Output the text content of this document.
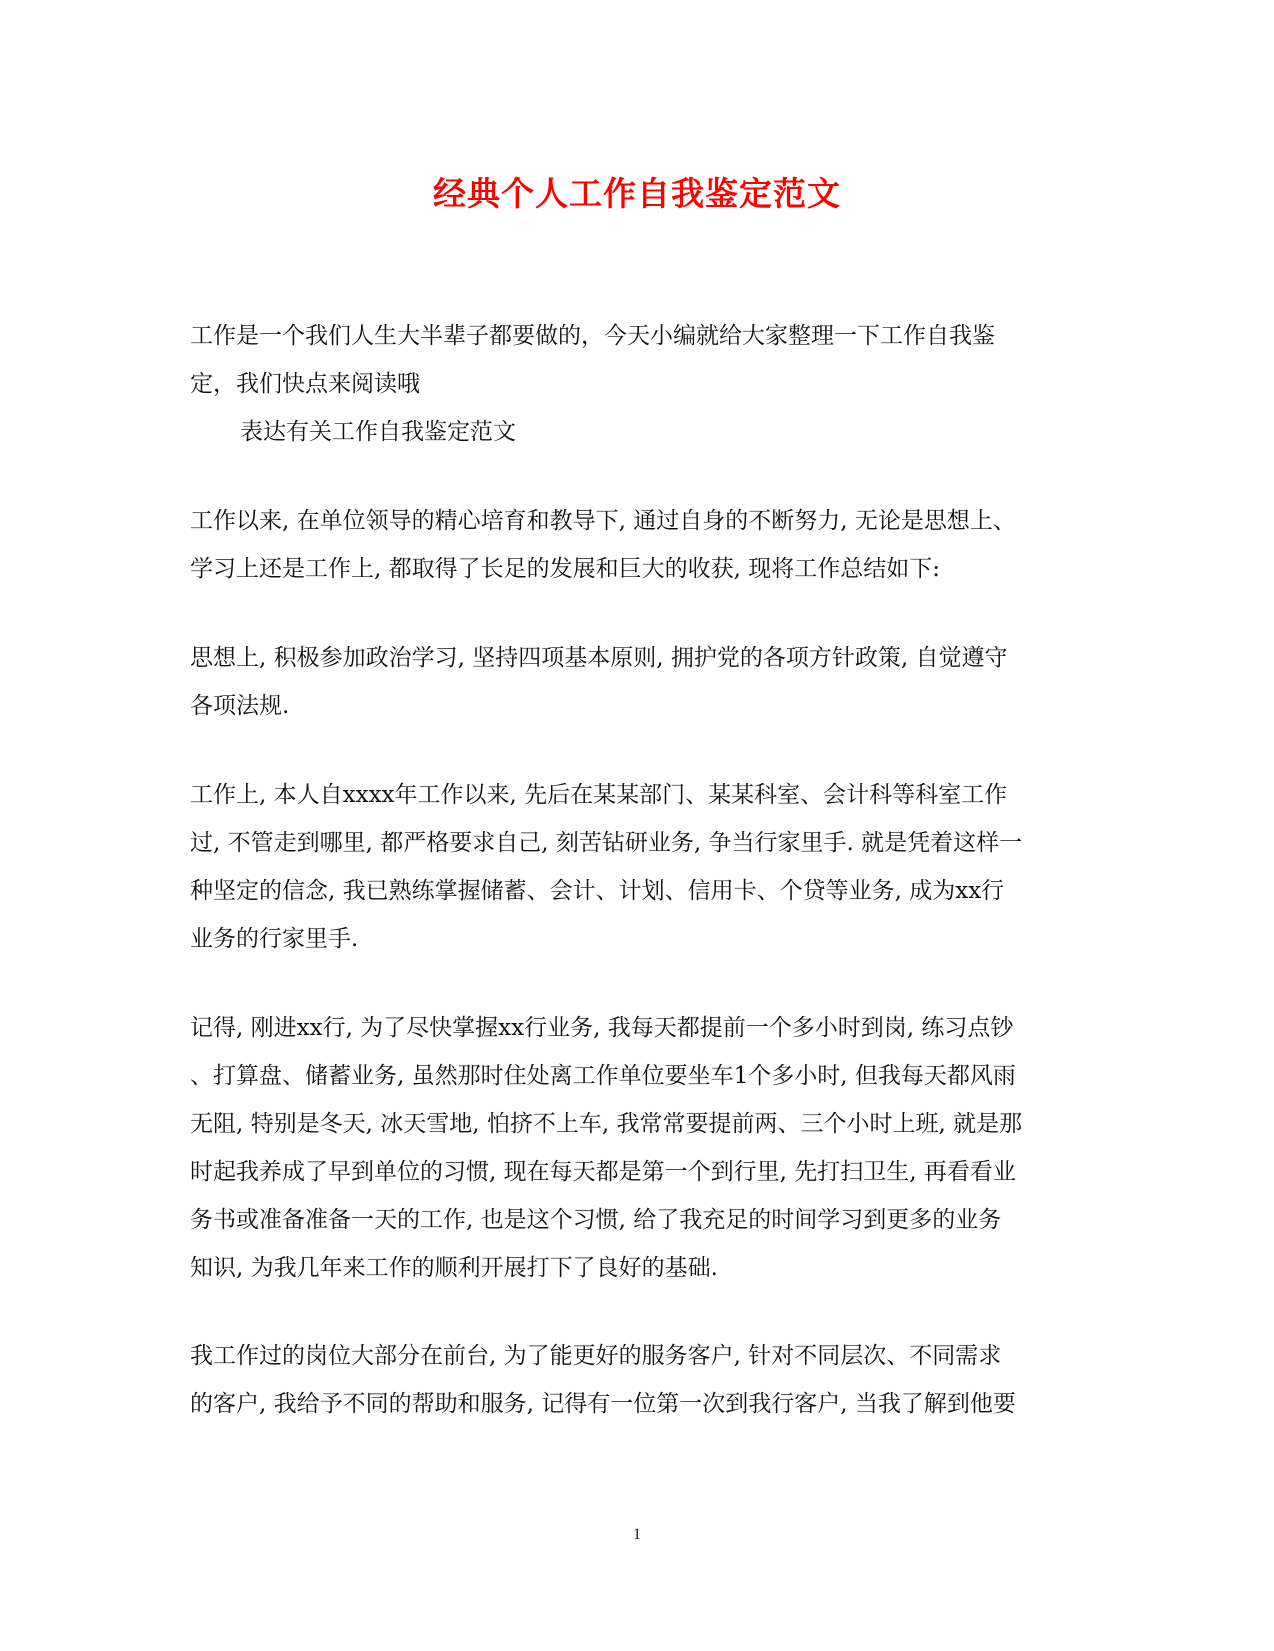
经典个人工作自我鉴定范文
工作是一个我们人生大半辈子都要做的，今天小编就给大家整理一下工作自我鉴
定，我们快点来阅读哦
表达有关工作自我鉴定范文
工作以来, 在单位领导的精心培育和教导下, 通过自身的不断努力, 无论是思想上、
学习上还是工作上, 都取得了长足的发展和巨大的收获, 现将工作总结如下:
思想上, 积极参加政治学习, 坚持四项基本原则, 拥护党的各项方针政策, 自觉遵守
各项法规.
工作上, 本人自xxxx年工作以来, 先后在某某部门、某某科室、会计科等科室工作
过, 不管走到哪里, 都严格要求自己, 刻苦钻研业务, 争当行家里手. 就是凭着这样一
种坚定的信念, 我已熟练掌握储蓄、会计、计划、信用卡、个贷等业务, 成为xx行
业务的行家里手.
记得, 刚进xx行, 为了尽快掌握xx行业务, 我每天都提前一个多小时到岗, 练习点钞
、打算盘、储蓄业务, 虽然那时住处离工作单位要坐车1个多小时, 但我每天都风雨
无阻, 特别是冬天, 冰天雪地, 怕挤不上车, 我常常要提前两、三个小时上班, 就是那
时起我养成了早到单位的习惯, 现在每天都是第一个到行里, 先打扫卫生, 再看看业
务书或准备准备一天的工作, 也是这个习惯, 给了我充足的时间学习到更多的业务
知识, 为我几年来工作的顺利开展打下了良好的基础.
我工作过的岗位大部分在前台, 为了能更好的服务客户, 针对不同层次、不同需求
的客户, 我给予不同的帮助和服务, 记得有一位第一次到我行客户, 当我了解到他要
1
